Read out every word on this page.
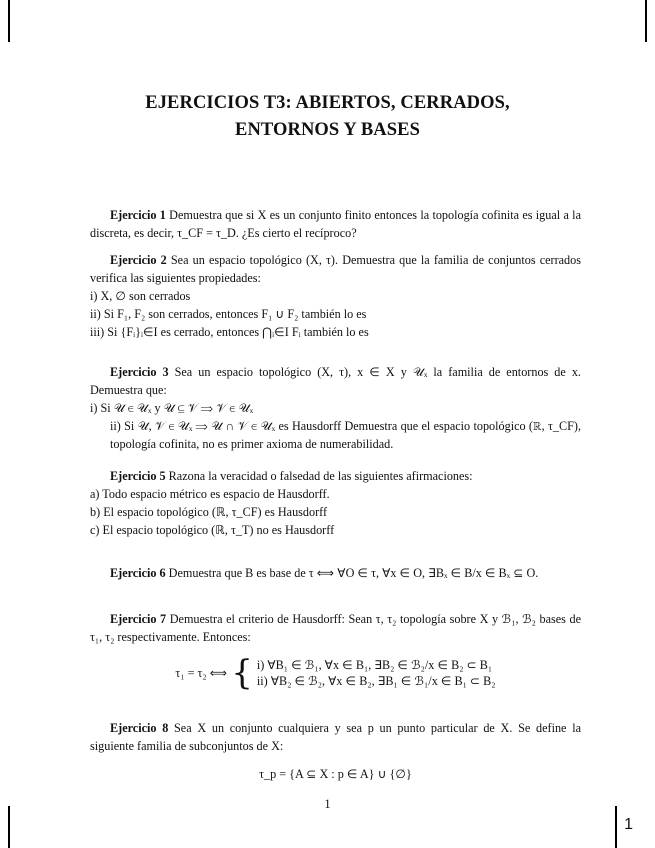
EJERCICIOS T3: ABIERTOS, CERRADOS,
ENTORNOS Y BASES

Ejercicio 1 Demuestra que si X es un conjunto finito entonces la topología cofinita es igual a la discreta, es decir, τ_CF = τ_D. ¿Es cierto el recíproco?

Ejercicio 2 Sea un espacio topológico (X, τ). Demuestra que la familia de conjuntos cerrados verifica las siguientes propiedades:

i) X, ∅ son cerrados

ii) Si F₁, F₂ son cerrados, entonces F₁ ∪ F₂ también lo es

iii) Si {Fᵢ}ᵢ∈I es cerrado, entonces ⋂ᵢ∈I Fᵢ también lo es

Ejercicio 3 Sea un espacio topológico (X, τ), x ∈ X y 𝒰ₓ la familia de entornos de x. Demuestra que:

i) Si 𝒰 ∈ 𝒰ₓ y 𝒰 ⊆ 𝒱 ⟹ 𝒱 ∈ 𝒰ₓ

ii) Si 𝒰, 𝒱 ∈ 𝒰ₓ ⟹ 𝒰 ∩ 𝒱 ∈ 𝒰ₓ es Hausdorff Demuestra que el espacio topológico (ℝ, τ_CF), topología cofinita, no es primer axioma de numerabilidad.

Ejercicio 5 Razona la veracidad o falsedad de las siguientes afirmaciones:

a) Todo espacio métrico es espacio de Hausdorff.

b) El espacio topológico (ℝ, τ_CF) es Hausdorff

c) El espacio topológico (ℝ, τ_T) no es Hausdorff

Ejercicio 6 Demuestra que B es base de τ ⟺ ∀O ∈ τ, ∀x ∈ O, ∃Bₓ ∈ B/x ∈ Bₓ ⊆ O.

Ejercicio 7 Demuestra el criterio de Hausdorff: Sean τ, τ₂ topología sobre X y ℬ₁, ℬ₂ bases de τ₁, τ₂ respectivamente. Entonces:

τ₁ = τ₂ ⟺ { i) ∀B₁ ∈ ℬ₁, ∀x ∈ B₁, ∃B₂ ∈ ℬ₂/x ∈ B₂ ⊂ B₁
ii) ∀B₂ ∈ ℬ₂, ∀x ∈ B₂, ∃B₁ ∈ ℬ₁/x ∈ B₁ ⊂ B₂

Ejercicio 8 Sea X un conjunto cualquiera y sea p un punto particular de X. Se define la siguiente familia de subconjuntos de X:

τ_p = {A ⊆ X : p ∈ A} ∪ {∅}

1
1
